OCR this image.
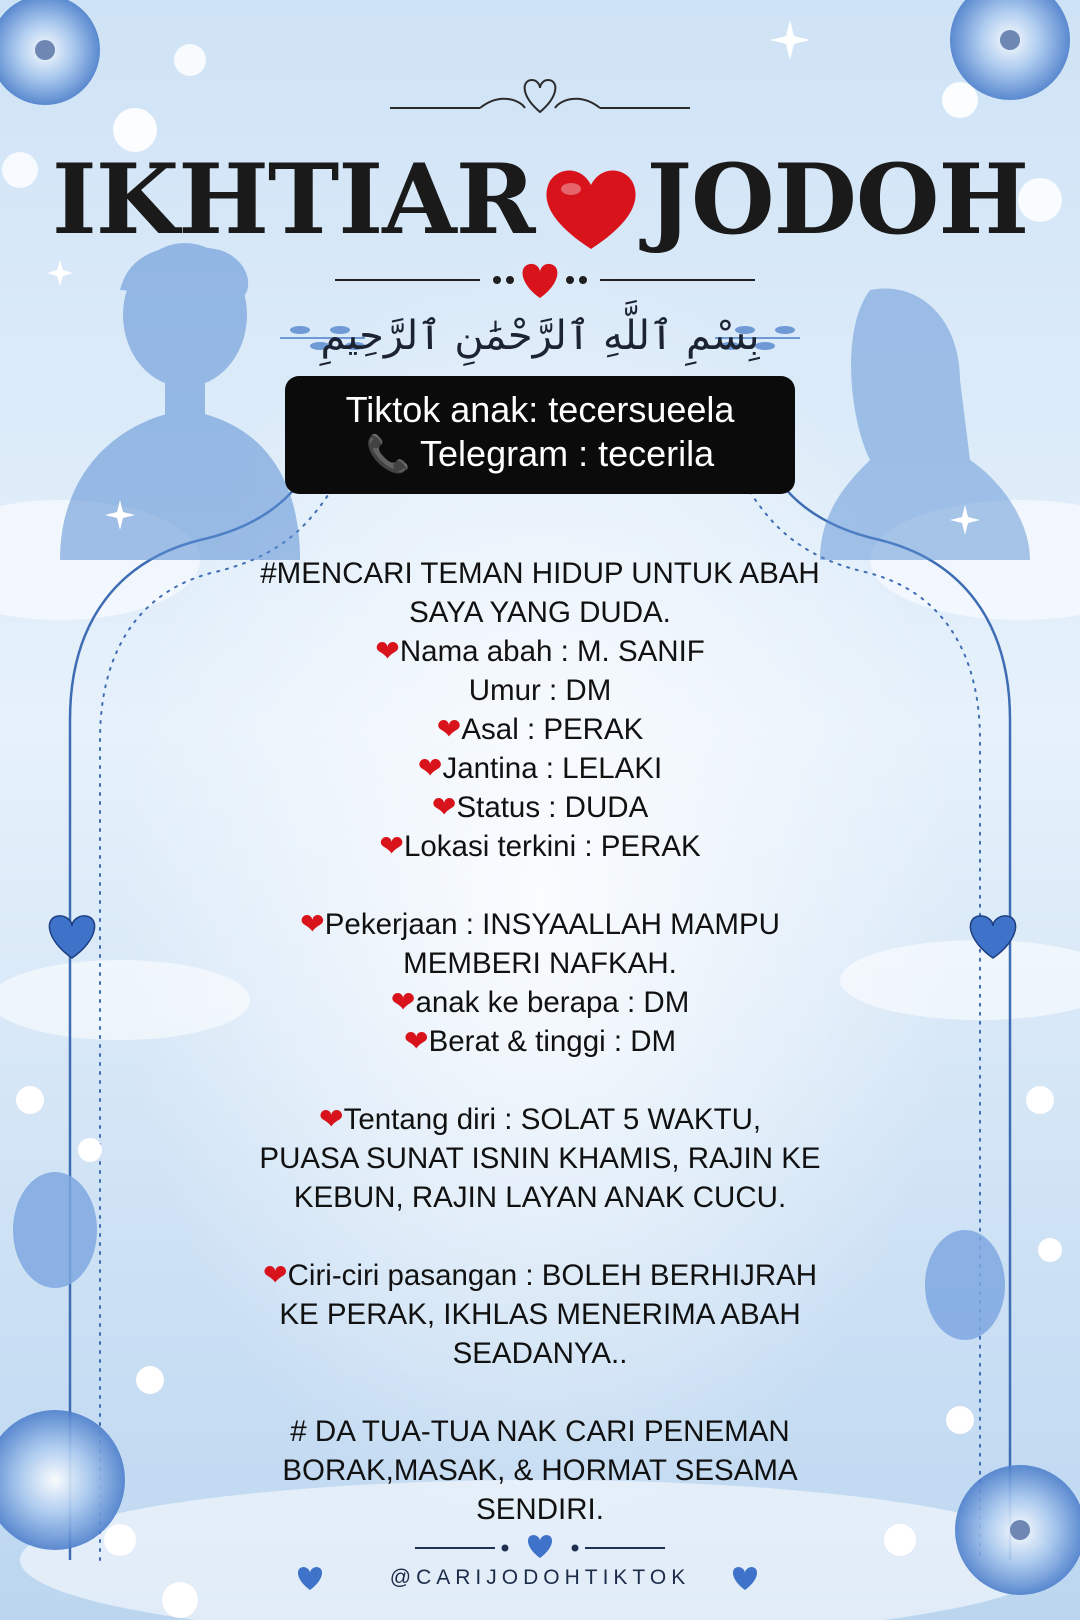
IKHTIAR JODOH
بِسْمِ ٱللَّهِ ٱلرَّحْمَٰنِ ٱلرَّحِيمِ
Tiktok anak: tecersueela
📞 Telegram : tecerila
#MENCARI TEMAN HIDUP UNTUK ABAH
SAYA YANG DUDA.
❤Nama abah : M. SANIF
Umur : DM
❤Asal : PERAK
❤Jantina : LELAKI
❤Status : DUDA
❤Lokasi terkini : PERAK
❤Pekerjaan : INSYAALLAH MAMPU
MEMBERI NAFKAH.
❤anak ke berapa : DM
❤Berat & tinggi : DM
❤Tentang diri : SOLAT 5 WAKTU,
PUASA SUNAT ISNIN KHAMIS, RAJIN KE
KEBUN, RAJIN LAYAN ANAK CUCU.
❤Ciri-ciri pasangan : BOLEH BERHIJRAH
KE PERAK, IKHLAS MENERIMA ABAH
SEADANYA..
# DA TUA-TUA NAK CARI PENEMAN
BORAK,MASAK, & HORMAT SESAMA
SENDIRI.
@CARIJODOHTIKTOK
